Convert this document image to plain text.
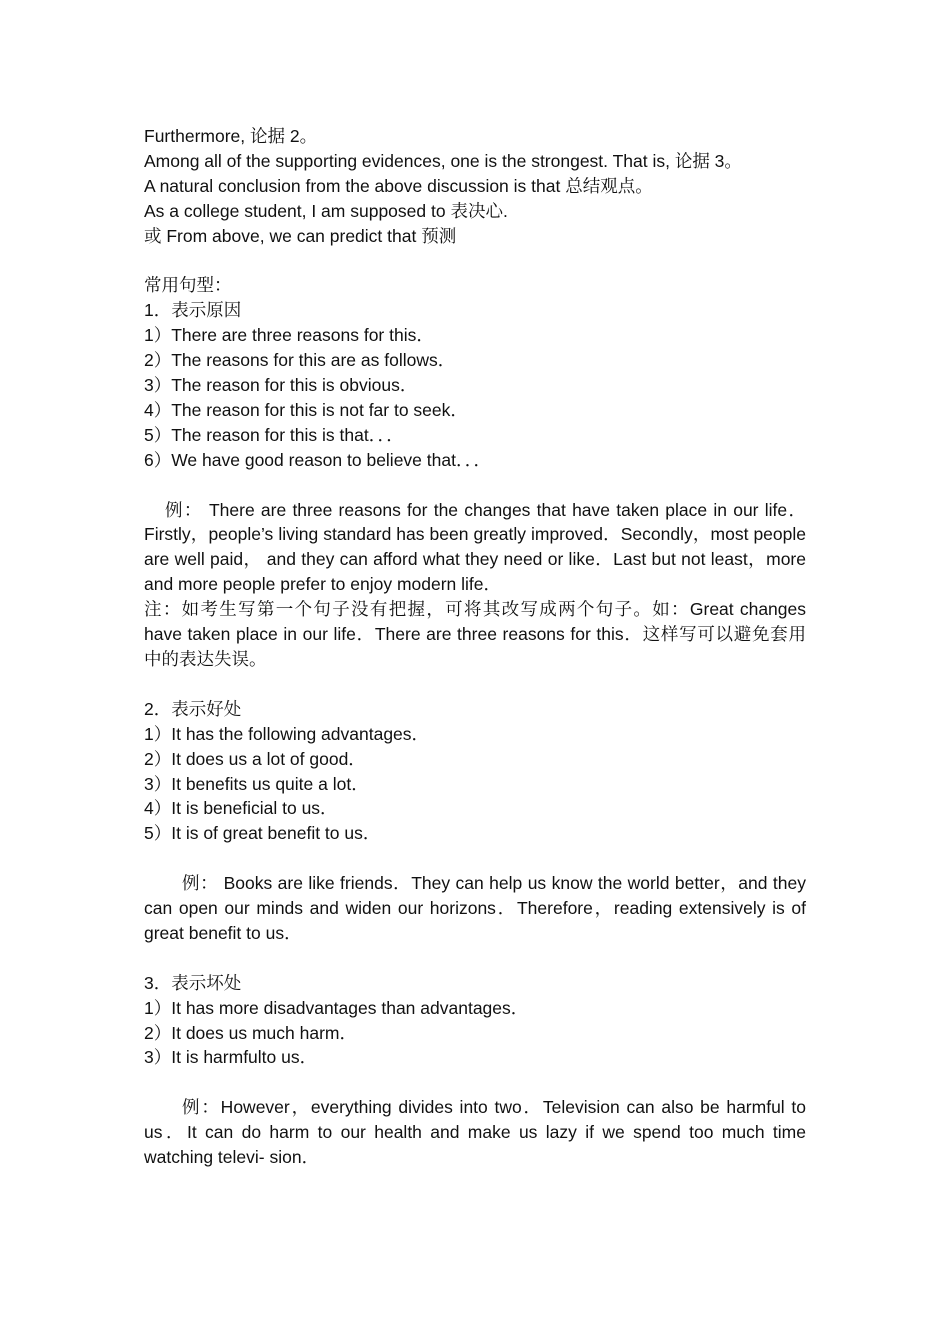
Furthermore, 论据 2。
Among all of the supporting evidences, one is the strongest. That is, 论据 3。
A natural conclusion from the above discussion is that 总结观点。
As a college student, I am supposed to 表决心.
或 From above, we can predict that 预测
常用句型：
1．表示原因
1）There are three reasons for this．
2）The reasons for this are as follows．
3）The reason for this is obvious．
4）The reason for this is not far to seek．
5）The reason for this is that．．．
6）We have good reason to believe that．．．
例： There are three reasons for the changes that have taken place in our life．Firstly，people’s living standard has been greatly improved．Secondly，most people are well paid， and they can afford what they need or like．Last but not least，more and more people prefer to enjoy modern life．
注：如考生写第一个句子没有把握，可将其改写成两个句子。如：Great changes have taken place in our life．There are three reasons for this．这样写可以避免套用中的表达失误。
2．表示好处
1）It has the following advantages．
2）It does us a lot of good．
3）It benefits us quite a lot．
4）It is beneficial to us．
5）It is of great benefit to us．
例： Books are like friends．They can help us know the world better，and they can open our minds and widen our horizons．Therefore，reading extensively is of great benefit to us．
3．表示坏处
1）It has more disadvantages than advantages．
2）It does us much harm．
3）It is harmfulto us．
例：However，everything divides into two．Television can also be harmful to us．It can do harm to our health and make us lazy if we spend too much time watching televi- sion．
